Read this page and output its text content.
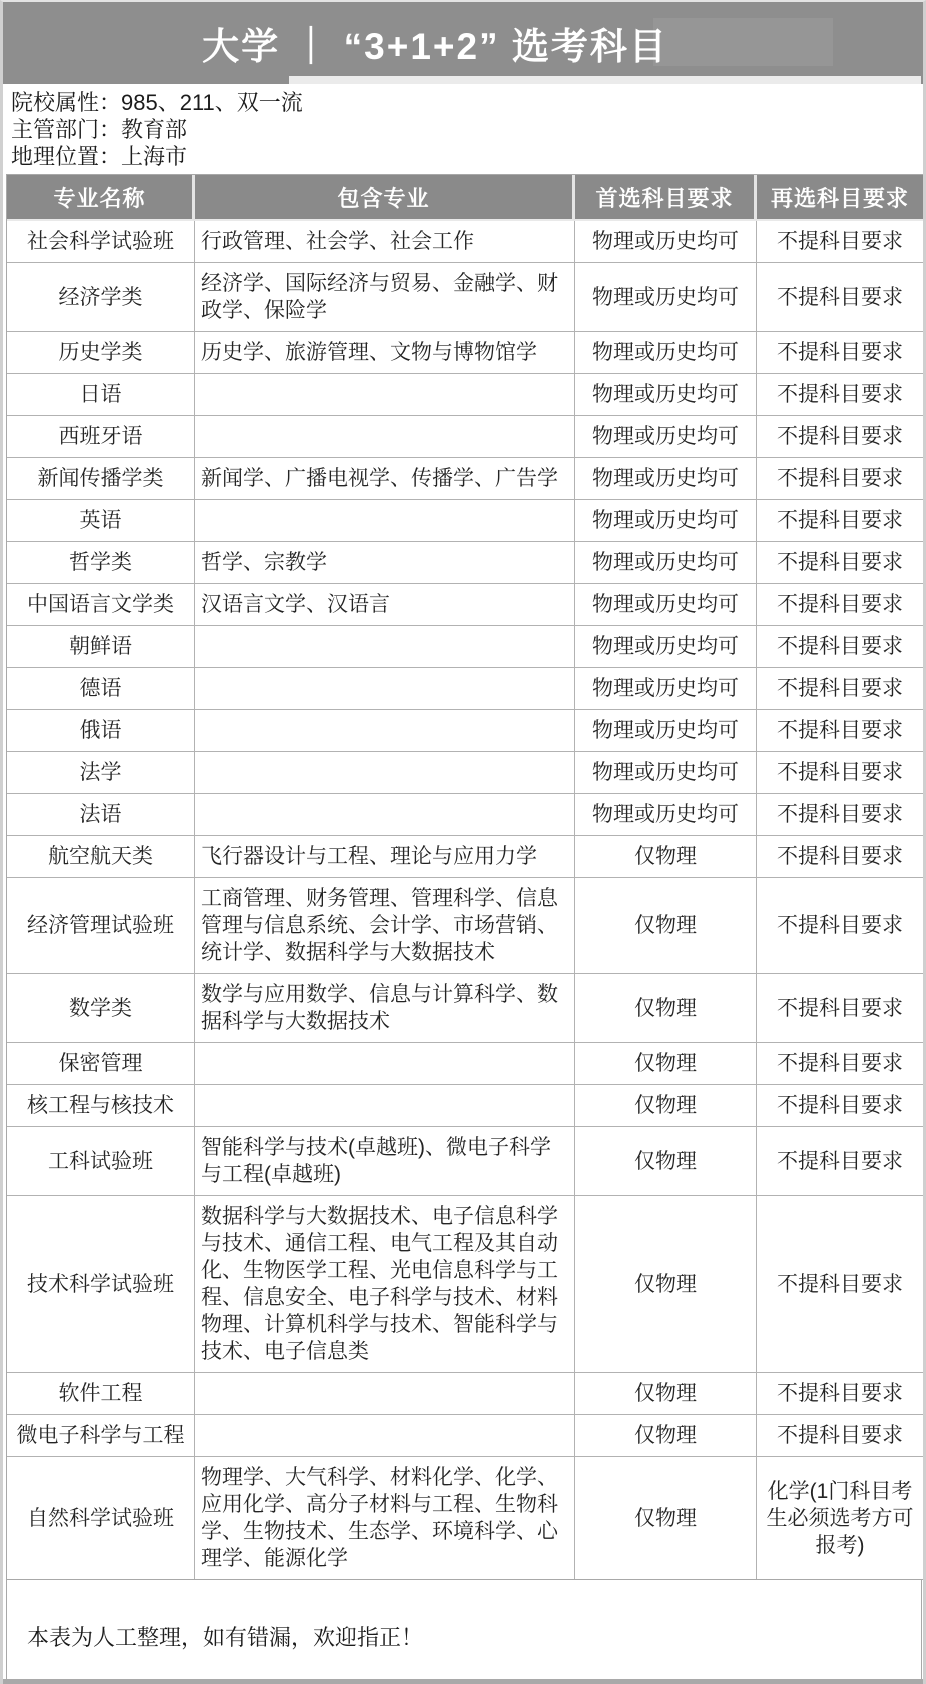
大学 ｜ “3+1+2” 选考科目
院校属性：985、211、双一流
主管部门：教育部
地理位置：上海市
专业名称	包含专业	首选科目要求	再选科目要求
社会科学试验班	行政管理、社会学、社会工作	物理或历史均可	不提科目要求
经济学类	经济学、国际经济与贸易、金融学、财政学、保险学	物理或历史均可	不提科目要求
历史学类	历史学、旅游管理、文物与博物馆学	物理或历史均可	不提科目要求
日语		物理或历史均可	不提科目要求
西班牙语		物理或历史均可	不提科目要求
新闻传播学类	新闻学、广播电视学、传播学、广告学	物理或历史均可	不提科目要求
英语		物理或历史均可	不提科目要求
哲学类	哲学、宗教学	物理或历史均可	不提科目要求
中国语言文学类	汉语言文学、汉语言	物理或历史均可	不提科目要求
朝鲜语		物理或历史均可	不提科目要求
德语		物理或历史均可	不提科目要求
俄语		物理或历史均可	不提科目要求
法学		物理或历史均可	不提科目要求
法语		物理或历史均可	不提科目要求
航空航天类	飞行器设计与工程、理论与应用力学	仅物理	不提科目要求
经济管理试验班	工商管理、财务管理、管理科学、信息管理与信息系统、会计学、市场营销、统计学、数据科学与大数据技术	仅物理	不提科目要求
数学类	数学与应用数学、信息与计算科学、数据科学与大数据技术	仅物理	不提科目要求
保密管理		仅物理	不提科目要求
核工程与核技术		仅物理	不提科目要求
工科试验班	智能科学与技术(卓越班)、微电子科学与工程(卓越班)	仅物理	不提科目要求
技术科学试验班	数据科学与大数据技术、电子信息科学与技术、通信工程、电气工程及其自动化、生物医学工程、光电信息科学与工程、信息安全、电子科学与技术、材料物理、计算机科学与技术、智能科学与技术、电子信息类	仅物理	不提科目要求
软件工程		仅物理	不提科目要求
微电子科学与工程		仅物理	不提科目要求
自然科学试验班	物理学、大气科学、材料化学、化学、应用化学、高分子材料与工程、生物科学、生物技术、生态学、环境科学、心理学、能源化学	仅物理	化学(1门科目考生必须选考方可报考)
本表为人工整理，如有错漏，欢迎指正！
